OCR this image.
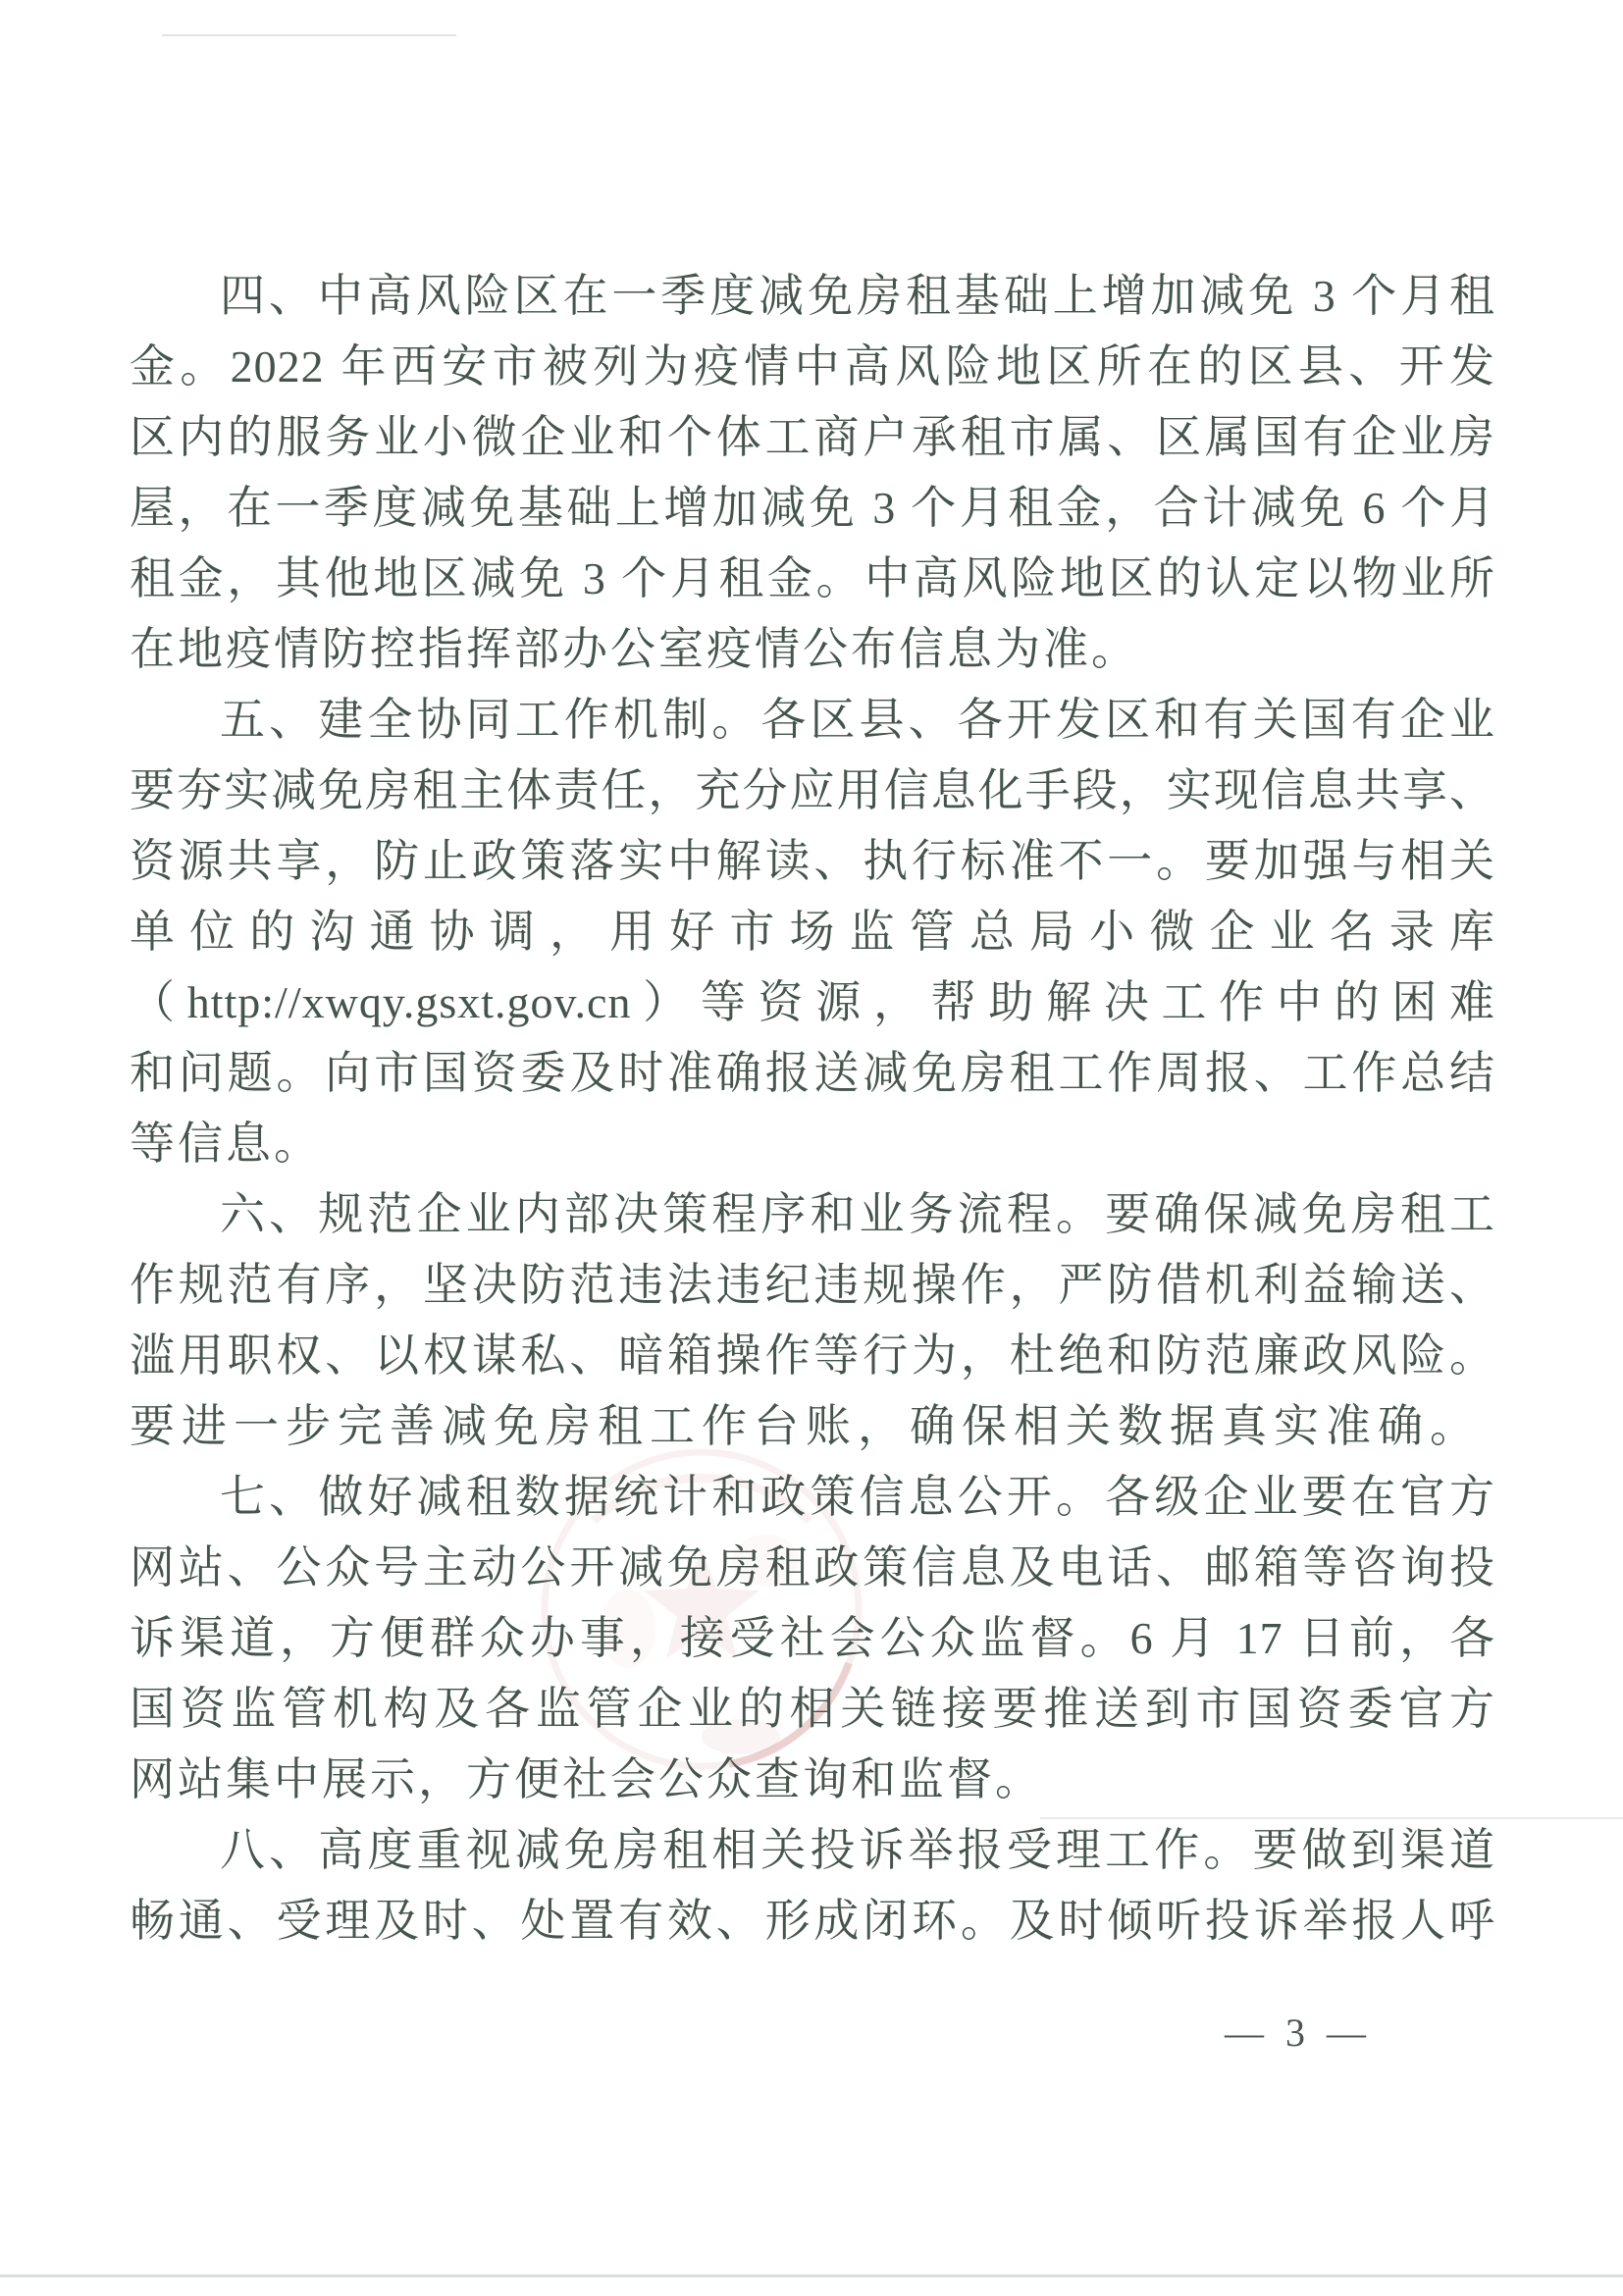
四、中高风险区在一季度减免房租基础上增加减免 3 个月租
金。2022 年西安市被列为疫情中高风险地区所在的区县、开发
区内的服务业小微企业和个体工商户承租市属、区属国有企业房
屋，在一季度减免基础上增加减免 3 个月租金，合计减免 6 个月
租金，其他地区减免 3 个月租金。中高风险地区的认定以物业所
在地疫情防控指挥部办公室疫情公布信息为准。
五、建全协同工作机制。各区县、各开发区和有关国有企业
要夯实减免房租主体责任，充分应用信息化手段，实现信息共享、
资源共享，防止政策落实中解读、执行标准不一。要加强与相关
单位的沟通协调，用好市场监管总局小微企业名录库
（http://xwqy.gsxt.gov.cn）等资源，帮助解决工作中的困难
和问题。向市国资委及时准确报送减免房租工作周报、工作总结
等信息。
六、规范企业内部决策程序和业务流程。要确保减免房租工
作规范有序，坚决防范违法违纪违规操作，严防借机利益输送、
滥用职权、以权谋私、暗箱操作等行为，杜绝和防范廉政风险。
要进一步完善减免房租工作台账，确保相关数据真实准确。
七、做好减租数据统计和政策信息公开。各级企业要在官方
网站、公众号主动公开减免房租政策信息及电话、邮箱等咨询投
诉渠道，方便群众办事，接受社会公众监督。6 月 17 日前，各
国资监管机构及各监管企业的相关链接要推送到市国资委官方
网站集中展示，方便社会公众查询和监督。
八、高度重视减免房租相关投诉举报受理工作。要做到渠道
畅通、受理及时、处置有效、形成闭环。及时倾听投诉举报人呼
— 3 —
